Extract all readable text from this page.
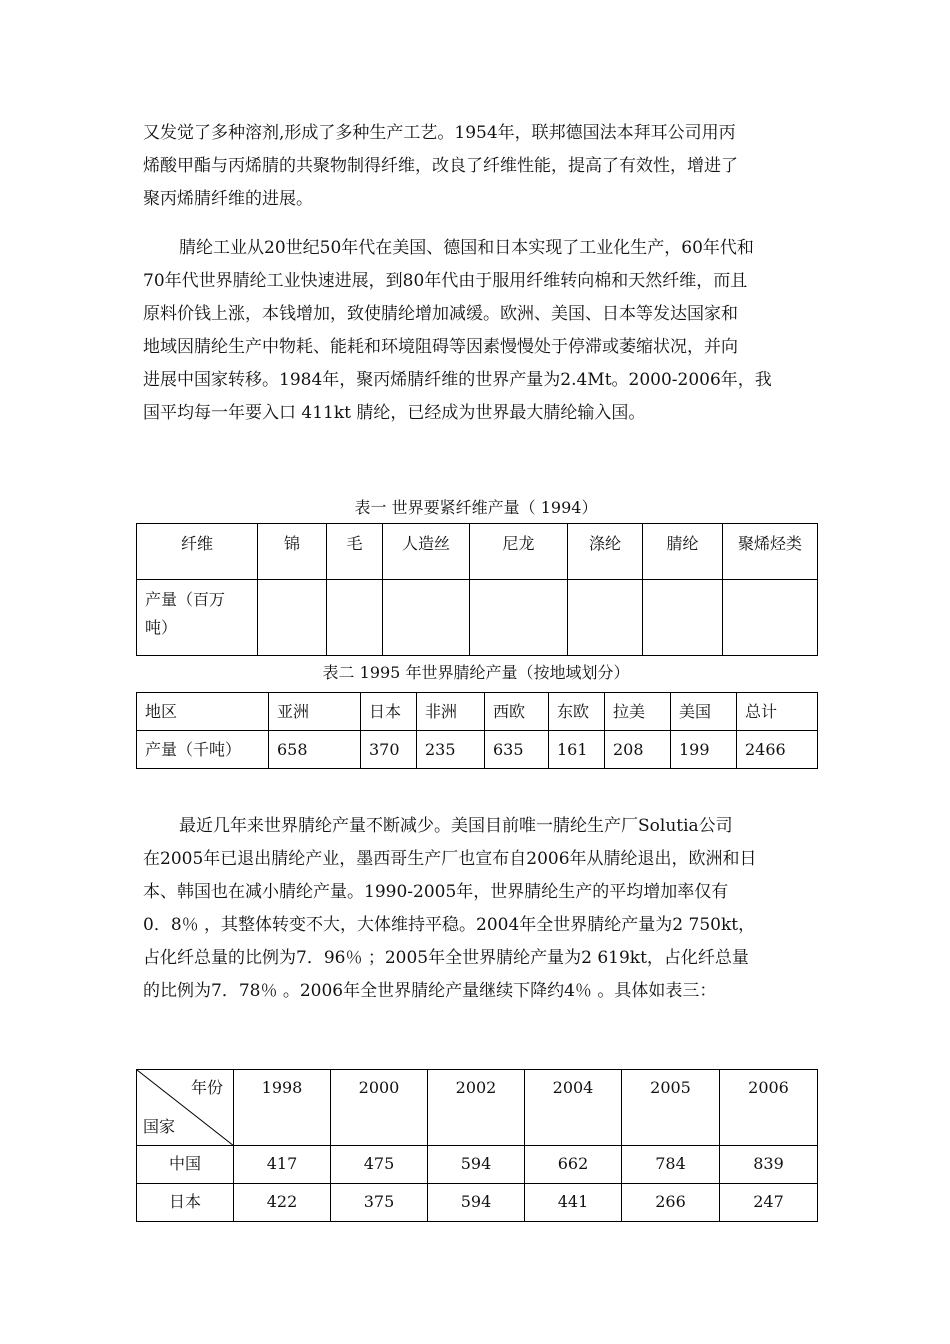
又发觉了多种溶剂,形成了多种生产工艺。1954年，联邦德国法本拜耳公司用丙
烯酸甲酯与丙烯腈的共聚物制得纤维，改良了纤维性能，提高了有效性，增进了
聚丙烯腈纤维的进展。

腈纶工业从20世纪50年代在美国、德国和日本实现了工业化生产，60年代和
70年代世界腈纶工业快速进展，到80年代由于服用纤维转向棉和天然纤维，而且
原料价钱上涨，本钱增加，致使腈纶增加减缓。欧洲、美国、日本等发达国家和
地域因腈纶生产中物耗、能耗和环境阻碍等因素慢慢处于停滞或萎缩状况，并向
进展中国家转移。1984年，聚丙烯腈纤维的世界产量为2.4Mt。2000-2006年，我
国平均每一年要入口 411kt 腈纶，已经成为世界最大腈纶输入国。

表一 世界要紧纤维产量（ 1994）
纤维	锦	毛	人造丝	尼龙	涤纶	腈纶	聚烯烃类
产量（百万吨）							
表二 1995 年世界腈纶产量（按地域划分）
地区	亚洲	日本	非洲	西欧	东欧	拉美	美国	总计
产量（千吨）	658	370	235	635	161	208	199	2466

最近几年来世界腈纶产量不断减少。美国目前唯一腈纶生产厂Solutia公司
在2005年已退出腈纶产业，墨西哥生产厂也宣布自2006年从腈纶退出，欧洲和日
本、韩国也在减小腈纶产量。1990-2005年，世界腈纶生产的平均增加率仅有
0．8％ ，其整体转变不大，大体维持平稳。2004年全世界腈纶产量为2 750kt，
占化纤总量的比例为7．96％ ；2005年全世界腈纶产量为2 619kt，占化纤总量
的比例为7．78％ 。2006年全世界腈纶产量继续下降约4％ 。具体如表三：

年份
国家	1998	2000	2002	2004	2005	2006
中国	417	475	594	662	784	839
日本	422	375	594	441	266	247
